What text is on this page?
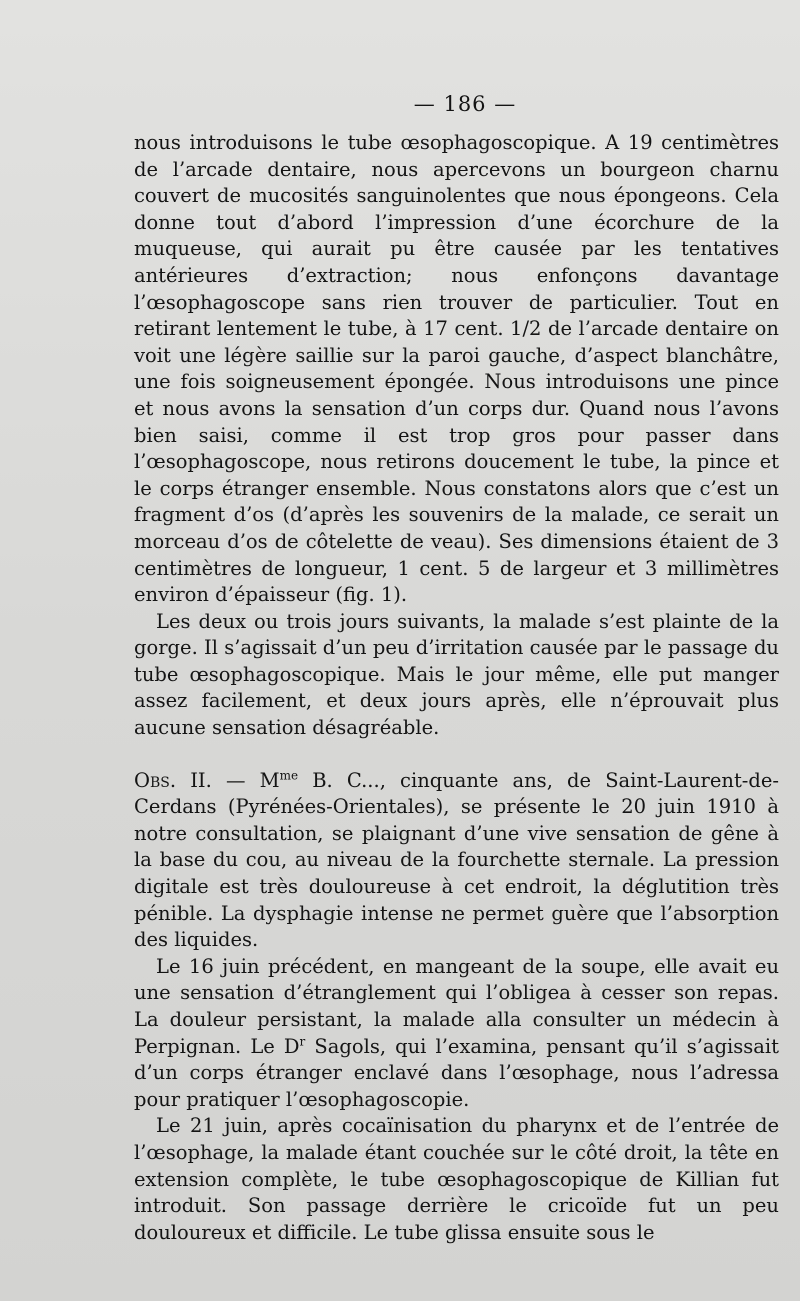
— 186 —

nous introduisons le tube œsophagoscopique. A 19 centimètres de l’arcade dentaire, nous apercevons un bourgeon charnu couvert de mucosités sanguinolentes que nous épongeons. Cela donne tout d’abord l’impression d’une écorchure de la muqueuse, qui aurait pu être causée par les tentatives antérieures d’extraction; nous enfonçons davantage l’œsophagoscope sans rien trouver de particulier. Tout en retirant lentement le tube, à 17 cent. 1/2 de l’arcade dentaire on voit une légère saillie sur la paroi gauche, d’aspect blanchâtre, une fois soigneusement épongée. Nous introduisons une pince et nous avons la sensation d’un corps dur. Quand nous l’avons bien saisi, comme il est trop gros pour passer dans l’œsophagoscope, nous retirons doucement le tube, la pince et le corps étranger ensemble. Nous constatons alors que c’est un fragment d’os (d’après les souvenirs de la malade, ce serait un morceau d’os de côtelette de veau). Ses dimensions étaient de 3 centimètres de longueur, 1 cent. 5 de largeur et 3 millimètres environ d’épaisseur (fig. 1).

Les deux ou trois jours suivants, la malade s’est plainte de la gorge. Il s’agissait d’un peu d’irritation causée par le passage du tube œsophagoscopique. Mais le jour même, elle put manger assez facilement, et deux jours après, elle n’éprouvait plus aucune sensation désagréable.

Obs. II. — $M^{me}$ B. C..., cinquante ans, de Saint-Laurent-de-Cerdans (Pyrénées-Orientales), se présente le 20 juin 1910 à notre consultation, se plaignant d’une vive sensation de gêne à la base du cou, au niveau de la fourchette sternale. La pression digitale est très douloureuse à cet endroit, la déglutition très pénible. La dysphagie intense ne permet guère que l’absorption des liquides.

Le 16 juin précédent, en mangeant de la soupe, elle avait eu une sensation d’étranglement qui l’obligea à cesser son repas. La douleur persistant, la malade alla consulter un médecin à Perpignan. Le $D^r$ Sagols, qui l’examina, pensant qu’il s’agissait d’un corps étranger enclavé dans l’œsophage, nous l’adressa pour pratiquer l’œsophagoscopie.

Le 21 juin, après cocaïnisation du pharynx et de l’entrée de l’œsophage, la malade étant couchée sur le côté droit, la tête en extension complète, le tube œsophagoscopique de Killian fut introduit. Son passage derrière le cricoïde fut un peu douloureux et difficile. Le tube glissa ensuite sous le
